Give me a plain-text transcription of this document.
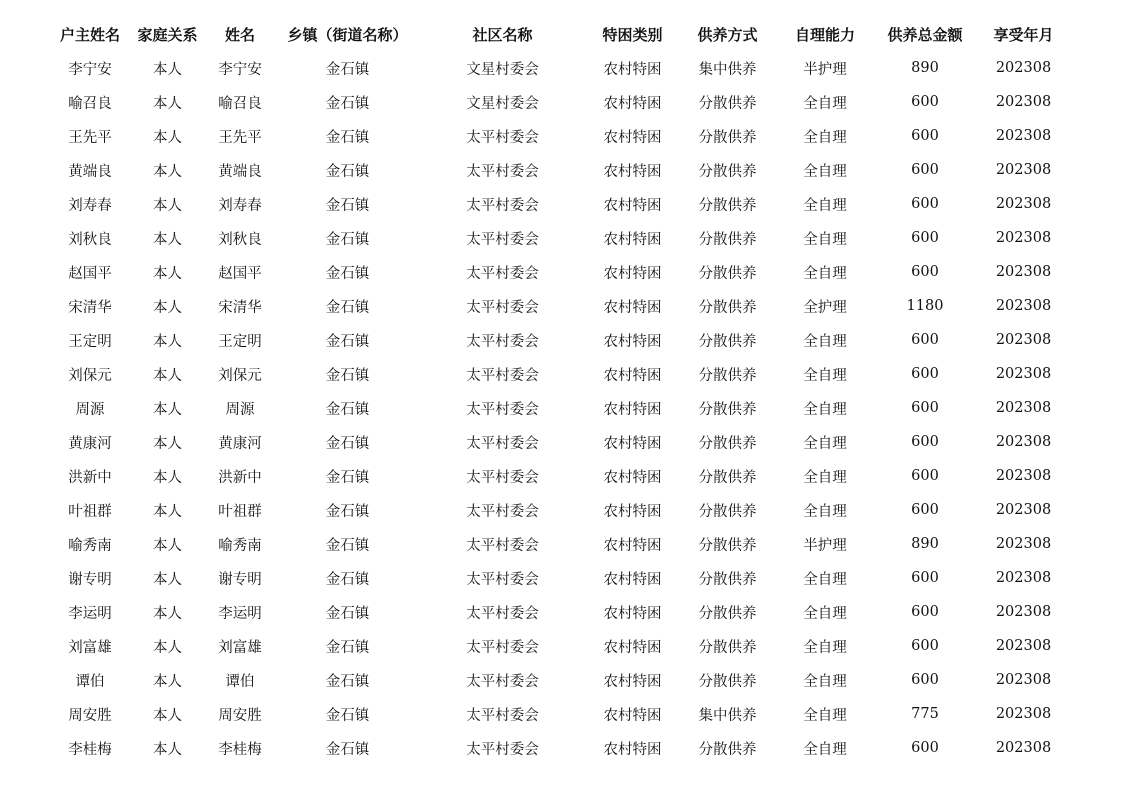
户主姓名	家庭关系	姓名	乡镇（街道名称）	社区名称	特困类别	供养方式	自理能力	供养总金额	享受年月
李宁安	本人	李宁安	金石镇	文星村委会	农村特困	集中供养	半护理	890	202308
喻召良	本人	喻召良	金石镇	文星村委会	农村特困	分散供养	全自理	600	202308
王先平	本人	王先平	金石镇	太平村委会	农村特困	分散供养	全自理	600	202308
黄端良	本人	黄端良	金石镇	太平村委会	农村特困	分散供养	全自理	600	202308
刘寿春	本人	刘寿春	金石镇	太平村委会	农村特困	分散供养	全自理	600	202308
刘秋良	本人	刘秋良	金石镇	太平村委会	农村特困	分散供养	全自理	600	202308
赵国平	本人	赵国平	金石镇	太平村委会	农村特困	分散供养	全自理	600	202308
宋清华	本人	宋清华	金石镇	太平村委会	农村特困	分散供养	全护理	1180	202308
王定明	本人	王定明	金石镇	太平村委会	农村特困	分散供养	全自理	600	202308
刘保元	本人	刘保元	金石镇	太平村委会	农村特困	分散供养	全自理	600	202308
周源	本人	周源	金石镇	太平村委会	农村特困	分散供养	全自理	600	202308
黄康河	本人	黄康河	金石镇	太平村委会	农村特困	分散供养	全自理	600	202308
洪新中	本人	洪新中	金石镇	太平村委会	农村特困	分散供养	全自理	600	202308
叶祖群	本人	叶祖群	金石镇	太平村委会	农村特困	分散供养	全自理	600	202308
喻秀南	本人	喻秀南	金石镇	太平村委会	农村特困	分散供养	半护理	890	202308
谢专明	本人	谢专明	金石镇	太平村委会	农村特困	分散供养	全自理	600	202308
李运明	本人	李运明	金石镇	太平村委会	农村特困	分散供养	全自理	600	202308
刘富雄	本人	刘富雄	金石镇	太平村委会	农村特困	分散供养	全自理	600	202308
谭伯	本人	谭伯	金石镇	太平村委会	农村特困	分散供养	全自理	600	202308
周安胜	本人	周安胜	金石镇	太平村委会	农村特困	集中供养	全自理	775	202308
李桂梅	本人	李桂梅	金石镇	太平村委会	农村特困	分散供养	全自理	600	202308
